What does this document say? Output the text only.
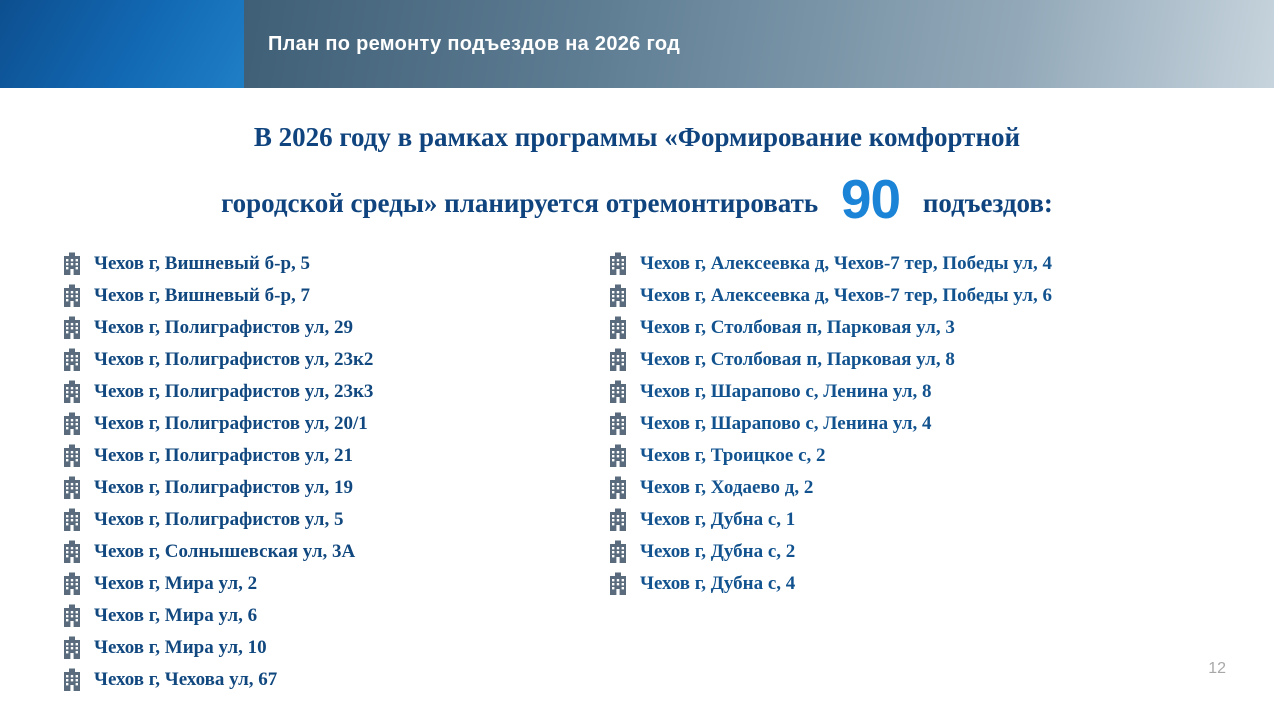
План по ремонту подъездов на 2026 год
В 2026 году в рамках программы «Формирование комфортной
городской среды» планируется отремонтировать 90 подъездов:
Чехов г, Вишневый б-р, 5
Чехов г, Вишневый б-р, 7
Чехов г, Полиграфистов ул, 29
Чехов г, Полиграфистов ул, 23к2
Чехов г, Полиграфистов ул, 23к3
Чехов г, Полиграфистов ул, 20/1
Чехов г, Полиграфистов ул, 21
Чехов г, Полиграфистов ул, 19
Чехов г, Полиграфистов ул, 5
Чехов г, Солнышевская ул, 3А
Чехов г, Мира ул, 2
Чехов г, Мира ул, 6
Чехов г, Мира ул, 10
Чехов г, Чехова ул, 67
Чехов г, Алексеевка д, Чехов-7 тер, Победы ул, 4
Чехов г, Алексеевка д, Чехов-7 тер, Победы ул, 6
Чехов г, Столбовая п, Парковая ул, 3
Чехов г, Столбовая п, Парковая ул, 8
Чехов г, Шарапово с, Ленина ул, 8
Чехов г, Шарапово с, Ленина ул, 4
Чехов г, Троицкое с, 2
Чехов г, Ходаево д, 2
Чехов г, Дубна с, 1
Чехов г, Дубна с, 2
Чехов г, Дубна с, 4
12
